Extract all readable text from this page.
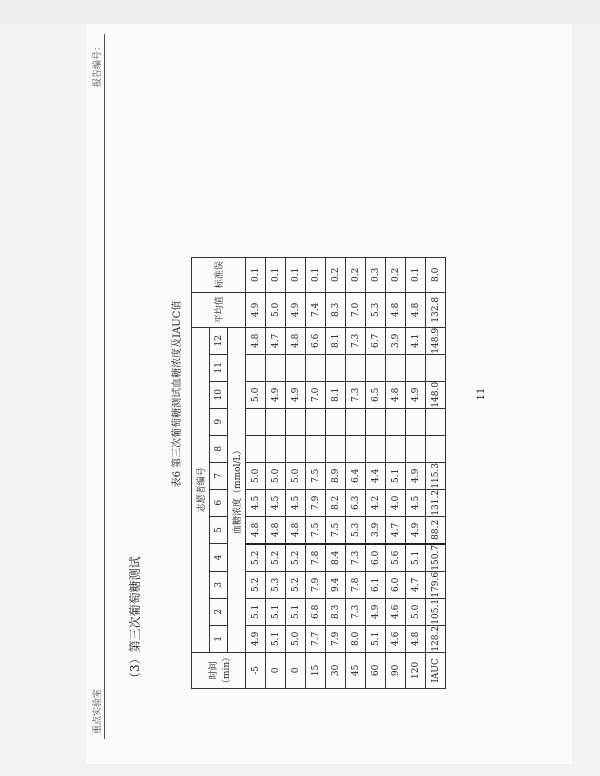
重点实验室
报告编号：
（3）第三次葡萄糖测试
表6 第三次葡萄糖测试血糖浓度及IAUC值
时间 （min）	志愿者编号												平均值	标准误
	1	2	3	4	5	6	7	8	9	10	11	12		
	血糖浓度（mmol/L）													
-5	4.9	5.1	5.2	5.2	4.8	4.5	5.0			5.0		4.8	4.9	0.1
0	5.1	5.1	5.3	5.2	4.8	4.5	5.0			4.9		4.7	5.0	0.1
0	5.0	5.1	5.2	5.2	4.8	4.5	5.0			4.9		4.8	4.9	0.1
15	7.7	6.8	7.9	7.8	7.5	7.9	7.5			7.0		6.6	7.4	0.1
30	7.9	8.3	9.4	8.4	7.5	8.2	8.9			8.1		8.1	8.3	0.2
45	8.0	7.3	7.8	7.3	5.3	6.3	6.4			7.3		7.3	7.0	0.2
60	5.1	4.9	6.1	6.0	3.9	4.2	4.4			6.5		6.7	5.3	0.3
90	4.6	4.6	6.0	5.6	4.7	4.0	5.1			4.8		3.9	4.8	0.2
120	4.8	5.0	4.7	5.1	4.9	4.5	4.9			4.9		4.1	4.8	0.1
IAUC	128.2	105.1	179.6	150.7	88.2	131.2	115.3			148.0		148.9	132.8	8.0
11
